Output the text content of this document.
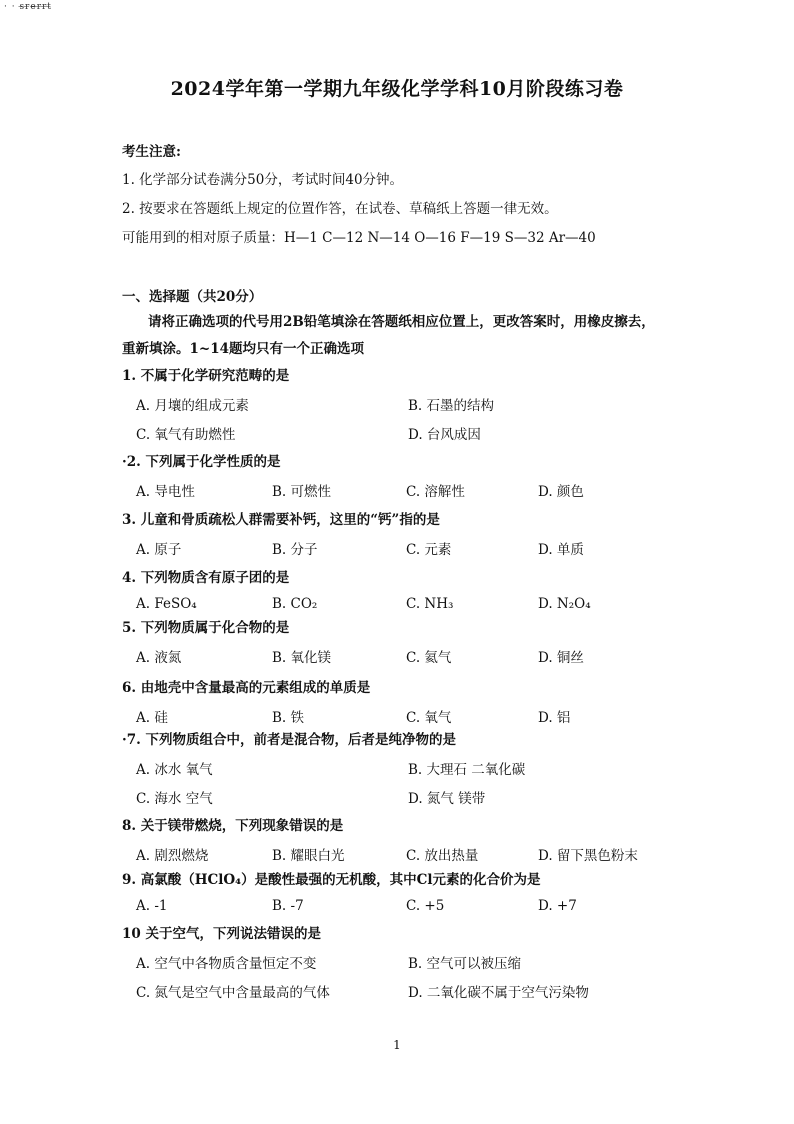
· · s̶r̶e̶r̶r̶t̶
2024学年第一学期九年级化学学科10月阶段练习卷
考生注意:
1. 化学部分试卷满分50分，考试时间40分钟。
2. 按要求在答题纸上规定的位置作答，在试卷、草稿纸上答题一律无效。
可能用到的相对原子质量：H—1 C—12 N—14 O—16 F—19 S—32 Ar—40
一、选择题（共20分）
请将正确选项的代号用2B铅笔填涂在答题纸相应位置上，更改答案时，用橡皮擦去，
重新填涂。1~14题均只有一个正确选项
1. 不属于化学研究范畴的是
A. 月壤的组成元素	B. 石墨的结构
C. 氧气有助燃性	D. 台风成因
·2. 下列属于化学性质的是
A. 导电性	B. 可燃性	C. 溶解性	D. 颜色
3. 儿童和骨质疏松人群需要补钙，这里的“钙”指的是
A. 原子	B. 分子	C. 元素	D. 单质
4. 下列物质含有原子团的是
A. FeSO₄	B. CO₂	C. NH₃	D. N₂O₄
5. 下列物质属于化合物的是
A. 液氮	B. 氧化镁	C. 氦气	D. 铜丝
6. 由地壳中含量最高的元素组成的单质是
A. 硅	B. 铁	C. 氧气	D. 铝
·7. 下列物质组合中，前者是混合物，后者是纯净物的是
A. 冰水 氧气	B. 大理石 二氧化碳
C. 海水 空气	D. 氮气 镁带
8. 关于镁带燃烧，下列现象错误的是
A. 剧烈燃烧	B. 耀眼白光	C. 放出热量	D. 留下黑色粉末
9. 高氯酸（HClO₄）是酸性最强的无机酸，其中Cl元素的化合价为是
A. -1	B. -7	C. +5	D. +7
10 关于空气，下列说法错误的是
A. 空气中各物质含量恒定不变	B. 空气可以被压缩
C. 氮气是空气中含量最高的气体	D. 二氧化碳不属于空气污染物
1
